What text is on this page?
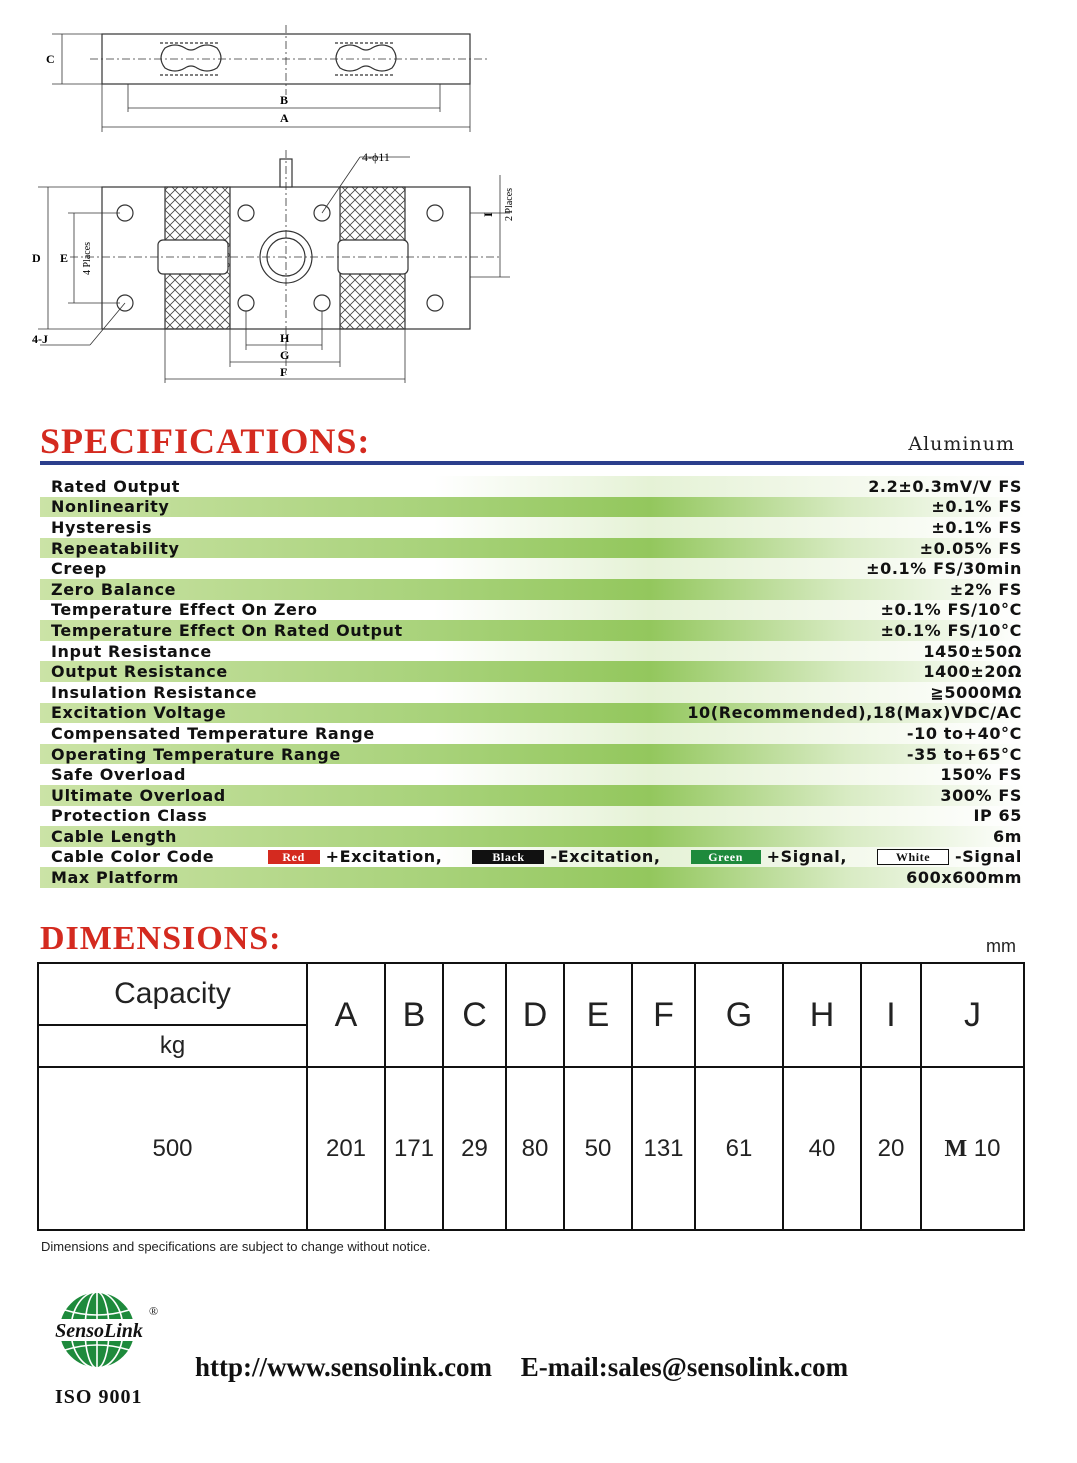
C
B
A
4-ϕ11
D E 4 Places
4-J
I 2 Places
H
G
F
SPECIFICATIONS:	Aluminum
Rated Output	2.2±0.3mV/V FS
Nonlinearity	±0.1% FS
Hysteresis	±0.1% FS
Repeatability	±0.05% FS
Creep	±0.1% FS/30min
Zero Balance	±2% FS
Temperature Effect On Zero	±0.1% FS/10°C
Temperature Effect On Rated Output	±0.1% FS/10°C
Input Resistance	1450±50Ω
Output Resistance	1400±20Ω
Insulation Resistance	≧5000MΩ
Excitation Voltage	10(Recommended),18(Max)VDC/AC
Compensated Temperature Range	-10 to+40°C
Operating Temperature Range	-35 to+65°C
Safe Overload	150% FS
Ultimate Overload	300% FS
Protection Class	IP 65
Cable Length	6m
Cable Color Code	Red	+Excitation,	Black	-Excitation,	Green	+Signal,	White	-Signal
Max Platform	600x600mm
DIMENSIONS:	mm
Capacity	A	B	C	D	E	F	G	H	I	J
kg										
500	201	171	29	80	50	131	61	40	20	M 10
Dimensions and specifications are subject to change without notice.
SensoLink
®
ISO 9001
http://www.sensolink.com E-mail:sales@sensolink.com
